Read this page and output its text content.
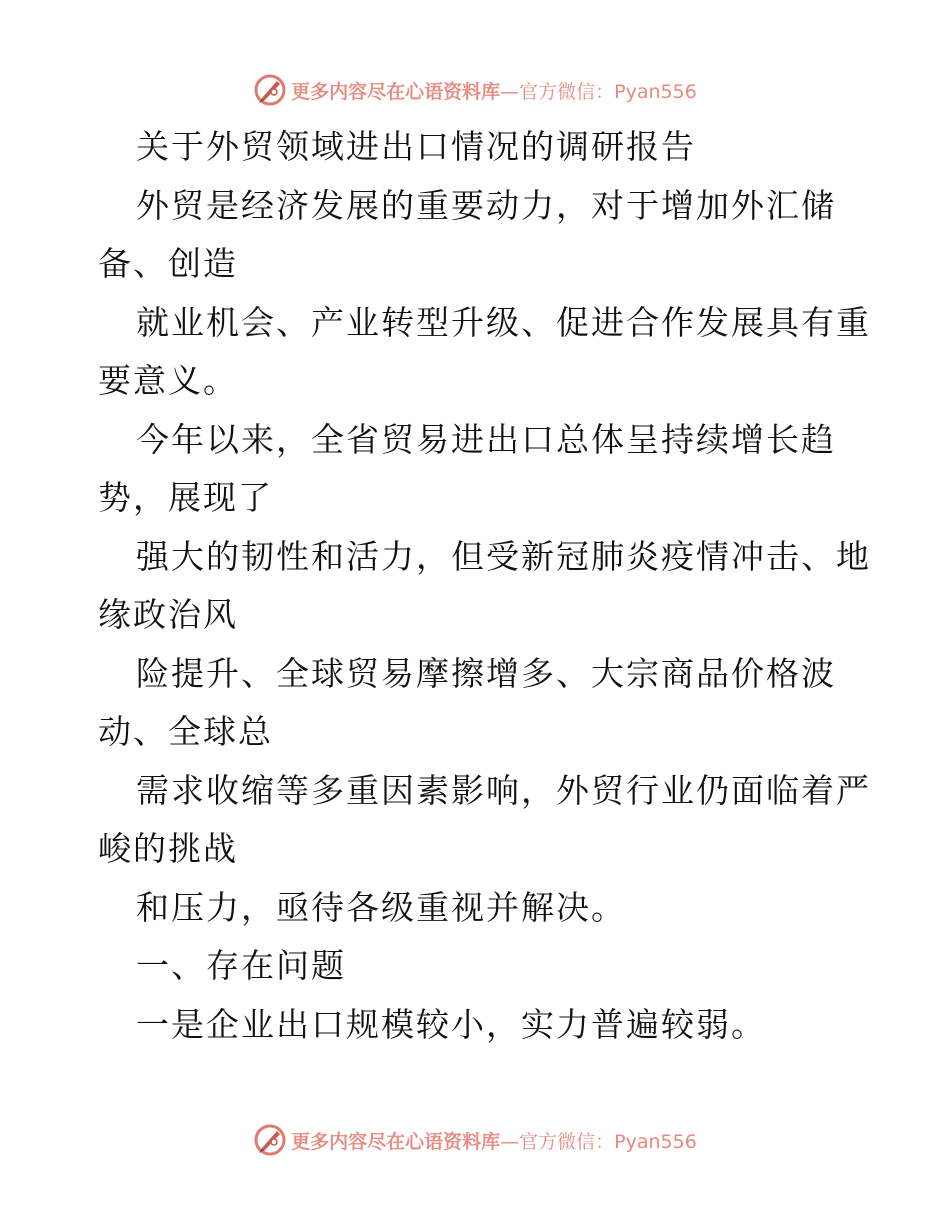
更多内容尽在心语资料库 —官方微信：Pyan556
关于外贸领域进出口情况的调研报告
外贸是经济发展的重要动力，对于增加外汇储
备、创造
就业机会、产业转型升级、促进合作发展具有重
要意义。
今年以来，全省贸易进出口总体呈持续增长趋
势，展现了
强大的韧性和活力，但受新冠肺炎疫情冲击、地
缘政治风
险提升、全球贸易摩擦增多、大宗商品价格波
动、全球总
需求收缩等多重因素影响，外贸行业仍面临着严
峻的挑战
和压力，亟待各级重视并解决。
一、存在问题
一是企业出口规模较小，实力普遍较弱。
更多内容尽在心语资料库 —官方微信：Pyan556
